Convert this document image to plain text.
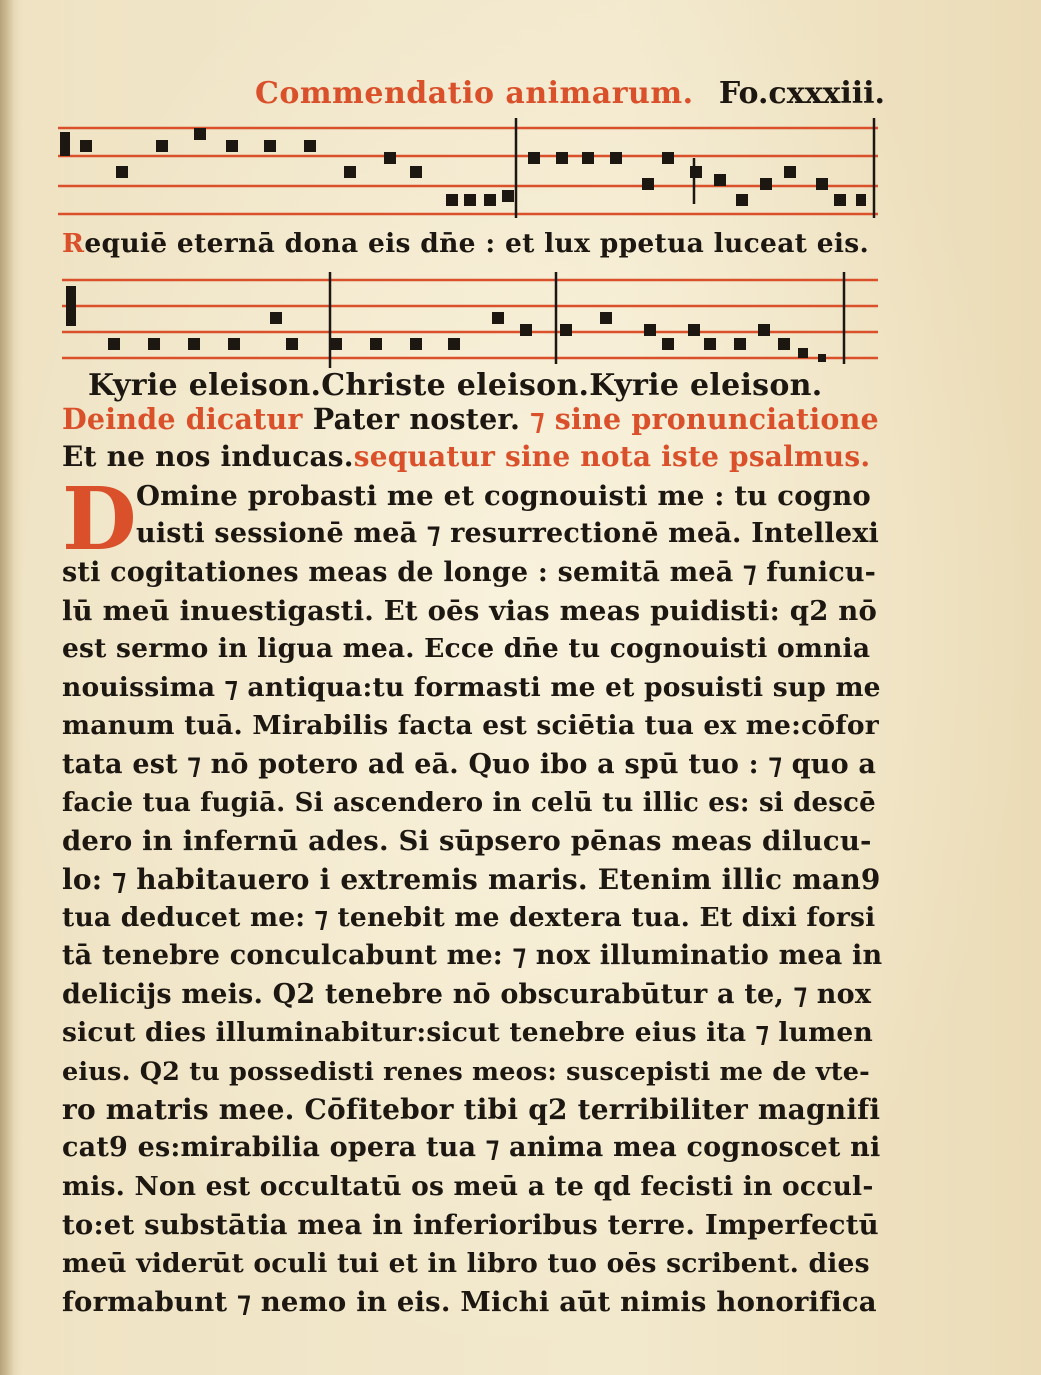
Commendatio animarum. Fo.cxxxiii.
Requiē eternā dona eis dn̄e : et lux ppetua luceat eis.
Kyrie eleison.Christe eleison.Kyrie eleison.
Deinde dicatur Pater noster. ⁊ sine pronunciatione
Et ne nos inducas.sequatur sine nota iste psalmus.
Omine probasti me et cognouisti me : tu cogno
uisti sessionē meā ⁊ resurrectionē meā. Intellexi
sti cogitationes meas de longe : semitā meā ⁊ funicu-
lū meū inuestigasti. Et oēs vias meas puidisti: q2 nō
est sermo in ligua mea. Ecce dn̄e tu cognouisti omnia
nouissima ⁊ antiqua:tu formasti me et posuisti sup me
manum tuā. Mirabilis facta est sciētia tua ex me:cōfor
tata est ⁊ nō potero ad eā. Quo ibo a spū tuo : ⁊ quo a
facie tua fugiā. Si ascendero in celū tu illic es: si descē
dero in infernū ades. Si sūpsero pēnas meas dilucu-
lo: ⁊ habitauero i extremis maris. Etenim illic man9
tua deducet me: ⁊ tenebit me dextera tua. Et dixi forsi
tā tenebre conculcabunt me: ⁊ nox illuminatio mea in
delicijs meis. Q2 tenebre nō obscurabūtur a te, ⁊ nox
sicut dies illuminabitur:sicut tenebre eius ita ⁊ lumen
eius. Q2 tu possedisti renes meos: suscepisti me de vte-
ro matris mee. Cōfitebor tibi q2 terribiliter magnifi
cat9 es:mirabilia opera tua ⁊ anima mea cognoscet ni
mis. Non est occultatū os meū a te qd fecisti in occul-
to:et substātia mea in inferioribus terre. Imperfectū
meū viderūt oculi tui et in libro tuo oēs scribent. dies
formabunt ⁊ nemo in eis. Michi aūt nimis honorifica
D
